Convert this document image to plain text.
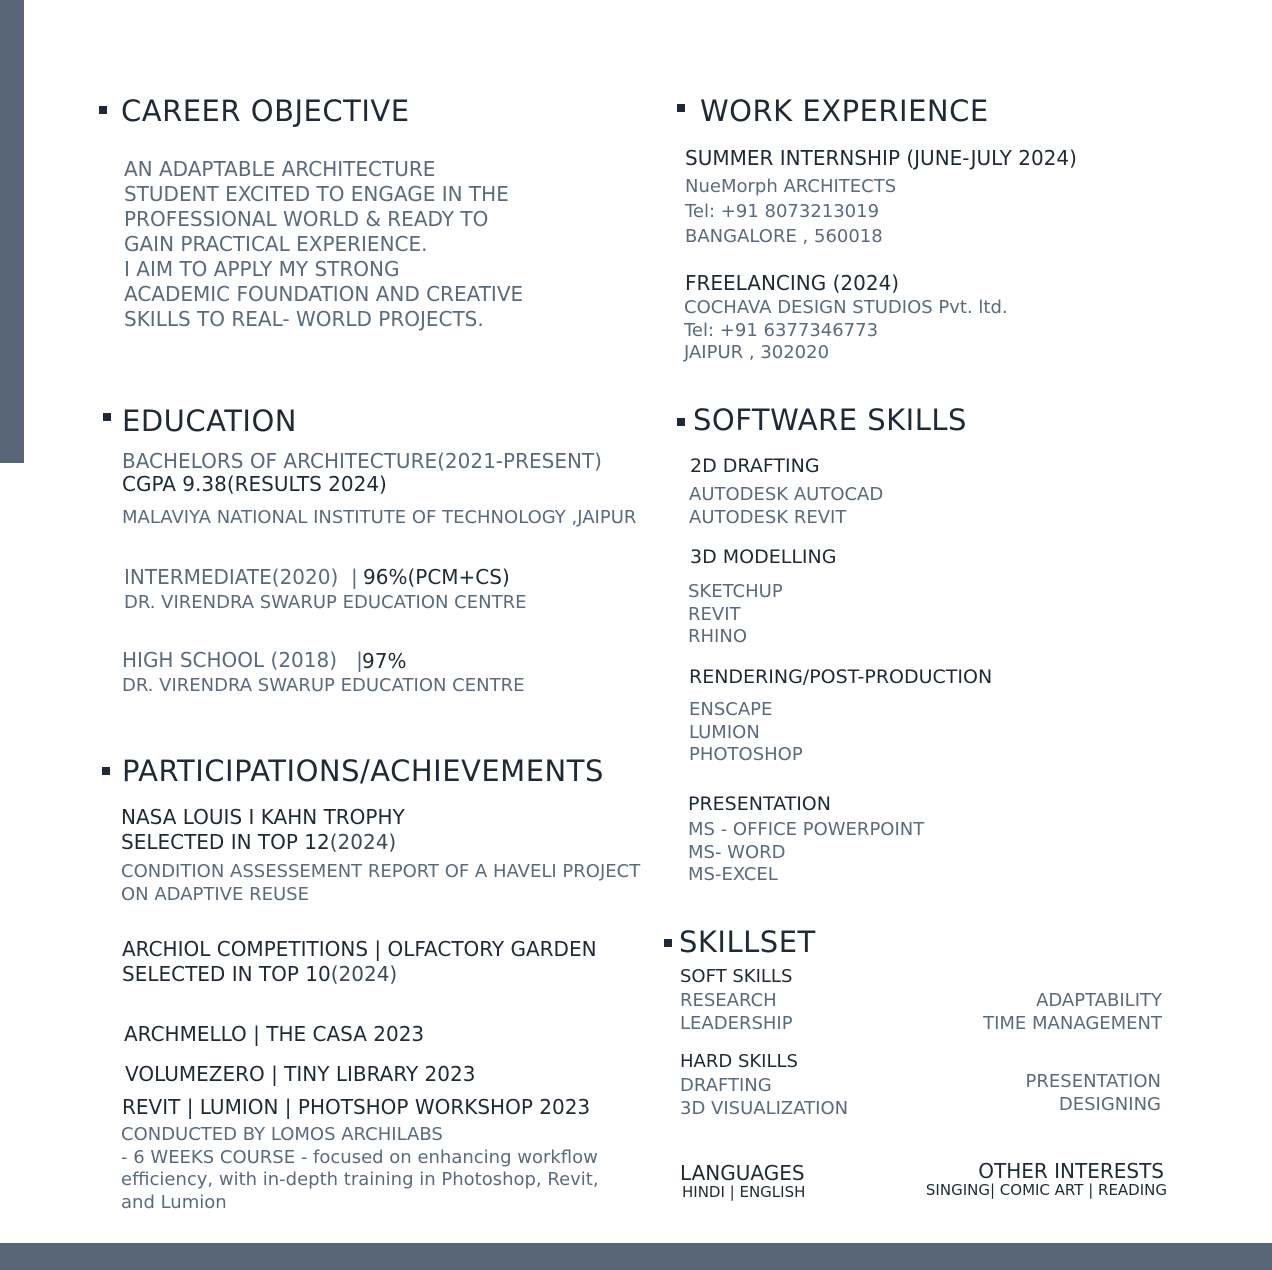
CAREER OBJECTIVE
AN ADAPTABLE ARCHITECTURE
STUDENT EXCITED TO ENGAGE IN THE
PROFESSIONAL WORLD & READY TO
GAIN PRACTICAL EXPERIENCE.
I AIM TO APPLY MY STRONG
ACADEMIC FOUNDATION AND CREATIVE
SKILLS TO REAL- WORLD PROJECTS.
EDUCATION
BACHELORS OF ARCHITECTURE(2021-PRESENT)
CGPA 9.38(RESULTS 2024)
MALAVIYA NATIONAL INSTITUTE OF TECHNOLOGY ,JAIPUR
INTERMEDIATE(2020)  | 96%(PCM+CS)
DR. VIRENDRA SWARUP EDUCATION CENTRE
HIGH SCHOOL (2018)   | 97%
DR. VIRENDRA SWARUP EDUCATION CENTRE
PARTICIPATIONS/ACHIEVEMENTS
NASA LOUIS I KAHN TROPHY
SELECTED IN TOP 12(2024)
CONDITION ASSESSEMENT REPORT OF A HAVELI PROJECT
ON ADAPTIVE REUSE
ARCHIOL COMPETITIONS | OLFACTORY GARDEN
SELECTED IN TOP 10(2024)
ARCHMELLO | THE CASA 2023
VOLUMEZERO | TINY LIBRARY 2023
REVIT | LUMION | PHOTSHOP WORKSHOP 2023
CONDUCTED BY LOMOS ARCHILABS
- 6 WEEKS COURSE - focused on enhancing workflow
efficiency, with in-depth training in Photoshop, Revit,
and Lumion
WORK EXPERIENCE
SUMMER INTERNSHIP (JUNE-JULY 2024)
NueMorph ARCHITECTS
Tel: +91 8073213019
BANGALORE , 560018
FREELANCING (2024)
COCHAVA DESIGN STUDIOS Pvt. ltd.
Tel: +91 6377346773
JAIPUR , 302020
SOFTWARE SKILLS
2D DRAFTING
AUTODESK AUTOCAD
AUTODESK REVIT
3D MODELLING
SKETCHUP
REVIT
RHINO
RENDERING/POST-PRODUCTION
ENSCAPE
LUMION
PHOTOSHOP
PRESENTATION
MS - OFFICE POWERPOINT
MS- WORD
MS-EXCEL
SKILLSET
SOFT SKILLS
RESEARCH
LEADERSHIP
ADAPTABILITY
TIME MANAGEMENT
HARD SKILLS
DRAFTING
3D VISUALIZATION
PRESENTATION
DESIGNING
LANGUAGES
HINDI | ENGLISH
OTHER INTERESTS
SINGING| COMIC ART | READING
